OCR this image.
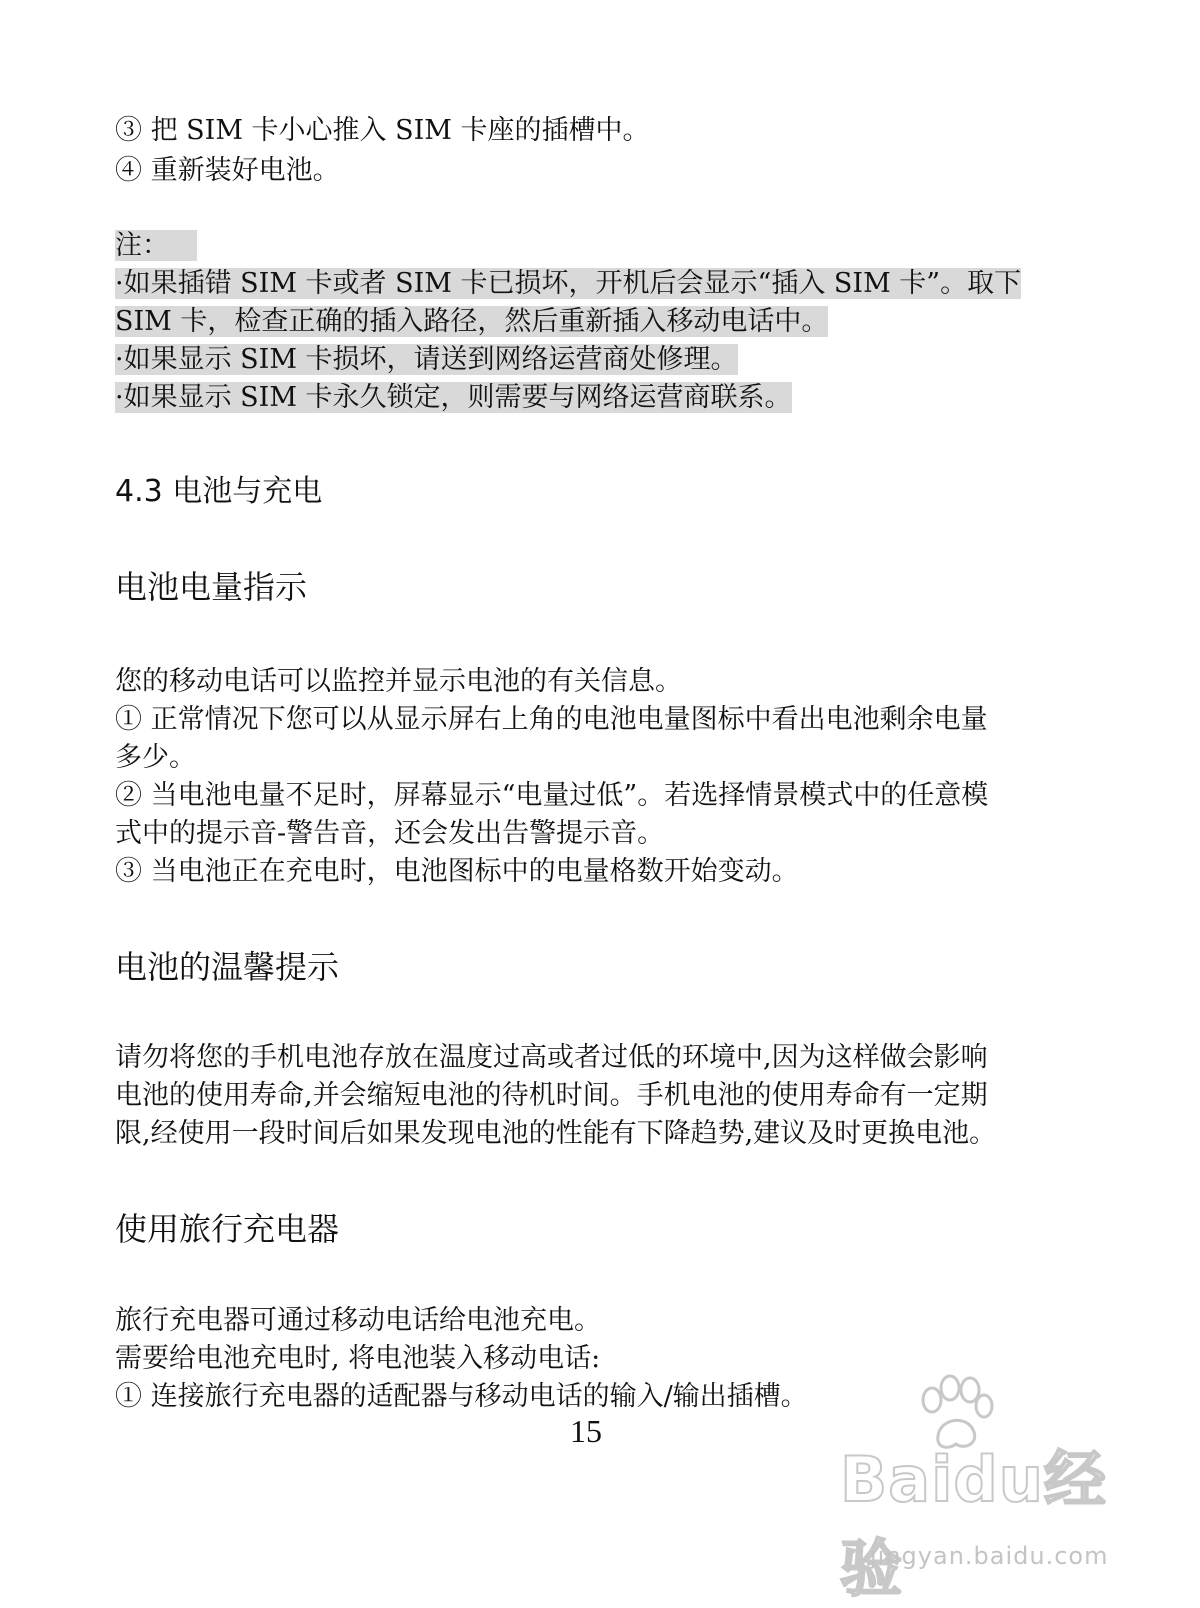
③ 把 SIM 卡小心推入 SIM 卡座的插槽中。
④ 重新装好电池。
注：
·如果插错 SIM 卡或者 SIM 卡已损坏，开机后会显示“插入 SIM 卡”。取下
SIM 卡，检查正确的插入路径，然后重新插入移动电话中。
·如果显示 SIM 卡损坏，请送到网络运营商处修理。
·如果显示 SIM 卡永久锁定，则需要与网络运营商联系。
4.3 电池与充电
电池电量指示
您的移动电话可以监控并显示电池的有关信息。
① 正常情况下您可以从显示屏右上角的电池电量图标中看出电池剩余电量
多少。
② 当电池电量不足时，屏幕显示“电量过低”。若选择情景模式中的任意模
式中的提示音-警告音，还会发出告警提示音。
③ 当电池正在充电时，电池图标中的电量格数开始变动。
电池的温馨提示
请勿将您的手机电池存放在温度过高或者过低的环境中,因为这样做会影响
电池的使用寿命,并会缩短电池的待机时间。手机电池的使用寿命有一定期
限,经使用一段时间后如果发现电池的性能有下降趋势,建议及时更换电池。
使用旅行充电器
旅行充电器可通过移动电话给电池充电。
需要给电池充电时, 将电池装入移动电话:
① 连接旅行充电器的适配器与移动电话的输入/输出插槽。
15
Baidu经验
jingyan.baidu.com
